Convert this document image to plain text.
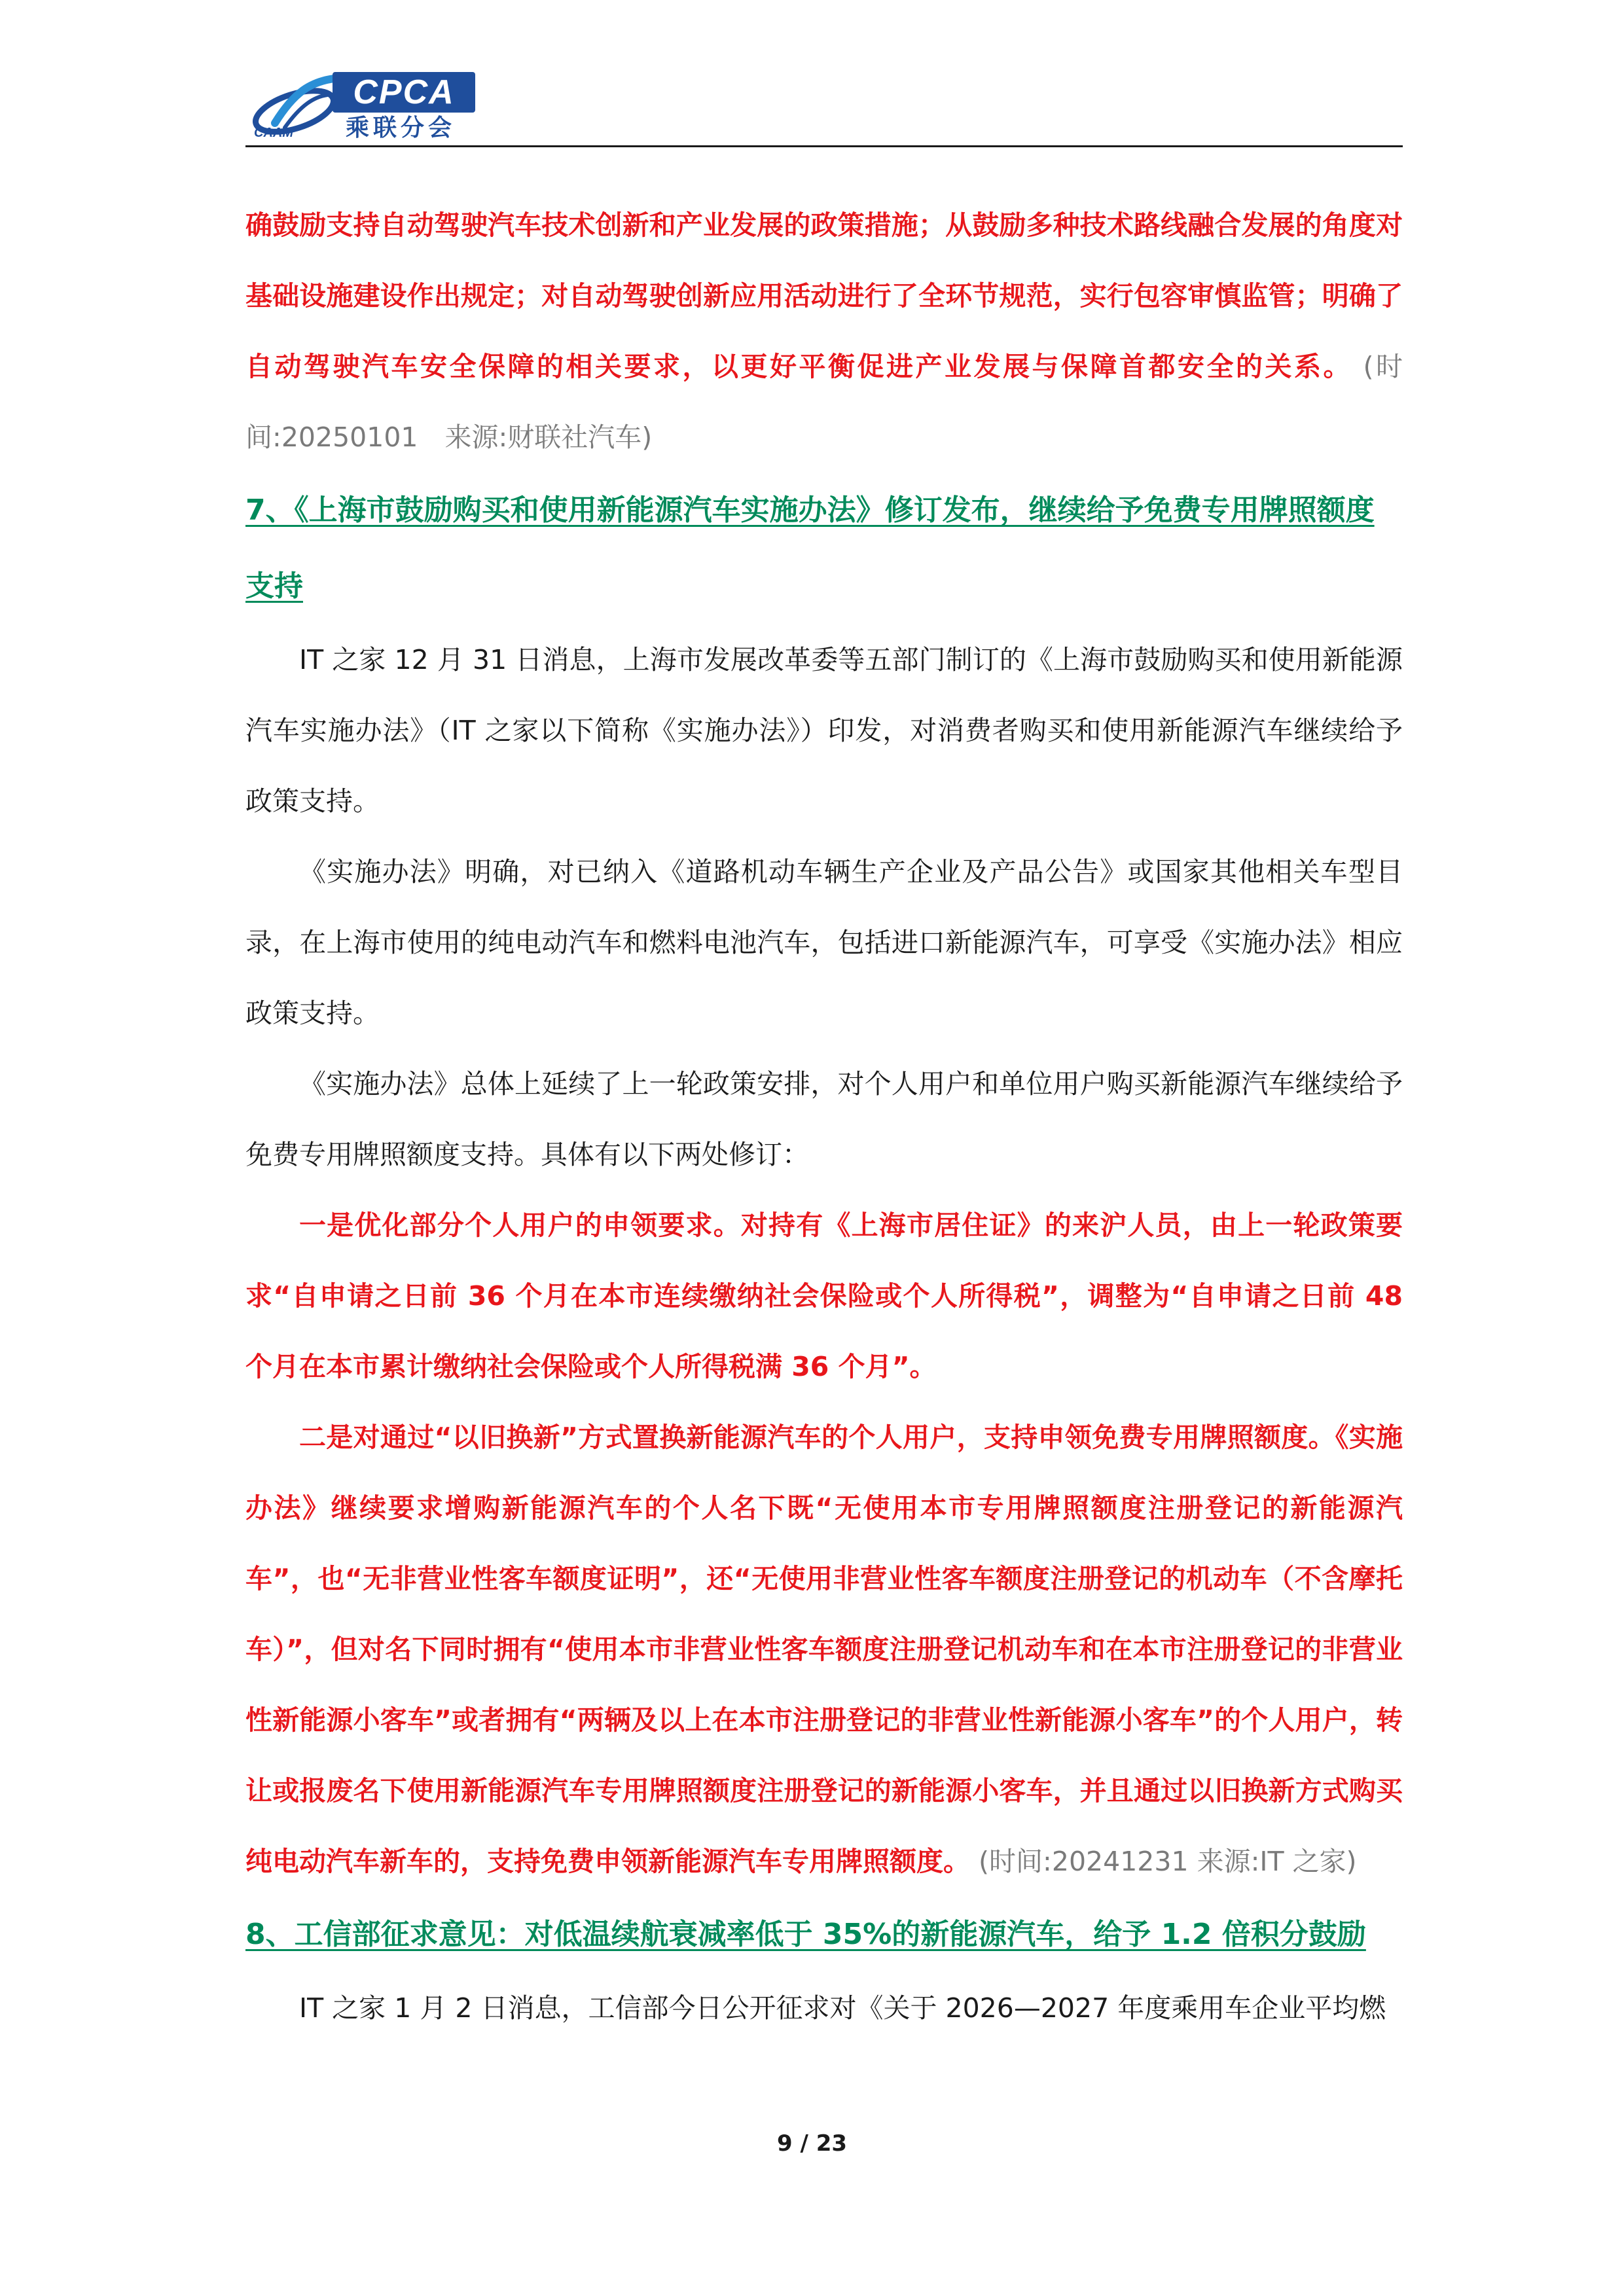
CAAM
CPCA
乘联分会

确鼓励支持自动驾驶汽车技术创新和产业发展的政策措施；从鼓励多种技术路线融合发展的角度对基础设施建设作出规定；对自动驾驶创新应用活动进行了全环节规范，实行包容审慎监管；明确了自动驾驶汽车安全保障的相关要求，以更好平衡促进产业发展与保障首都安全的关系。 (时间:20250101　来源:财联社汽车)

7、《上海市鼓励购买和使用新能源汽车实施办法》修订发布，继续给予免费专用牌照额度支持

IT 之家 12 月 31 日消息，上海市发展改革委等五部门制订的《上海市鼓励购买和使用新能源汽车实施办法》（IT 之家以下简称《实施办法》）印发，对消费者购买和使用新能源汽车继续给予政策支持。

《实施办法》明确，对已纳入《道路机动车辆生产企业及产品公告》或国家其他相关车型目录，在上海市使用的纯电动汽车和燃料电池汽车，包括进口新能源汽车，可享受《实施办法》相应政策支持。

《实施办法》总体上延续了上一轮政策安排，对个人用户和单位用户购买新能源汽车继续给予免费专用牌照额度支持。具体有以下两处修订：

一是优化部分个人用户的申领要求。对持有《上海市居住证》的来沪人员，由上一轮政策要求“自申请之日前 36 个月在本市连续缴纳社会保险或个人所得税”，调整为“自申请之日前 48 个月在本市累计缴纳社会保险或个人所得税满 36 个月”。

二是对通过“以旧换新”方式置换新能源汽车的个人用户，支持申领免费专用牌照额度。《实施办法》继续要求增购新能源汽车的个人名下既“无使用本市专用牌照额度注册登记的新能源汽车”，也“无非营业性客车额度证明”，还“无使用非营业性客车额度注册登记的机动车（不含摩托车）”，但对名下同时拥有“使用本市非营业性客车额度注册登记机动车和在本市注册登记的非营业性新能源小客车”或者拥有“两辆及以上在本市注册登记的非营业性新能源小客车”的个人用户，转让或报废名下使用新能源汽车专用牌照额度注册登记的新能源小客车，并且通过以旧换新方式购买纯电动汽车新车的，支持免费申领新能源汽车专用牌照额度。 (时间:20241231 来源:IT 之家)

8、工信部征求意见：对低温续航衰减率低于 35%的新能源汽车，给予 1.2 倍积分鼓励

IT 之家 1 月 2 日消息，工信部今日公开征求对《关于 2026—2027 年度乘用车企业平均燃

9 / 23
